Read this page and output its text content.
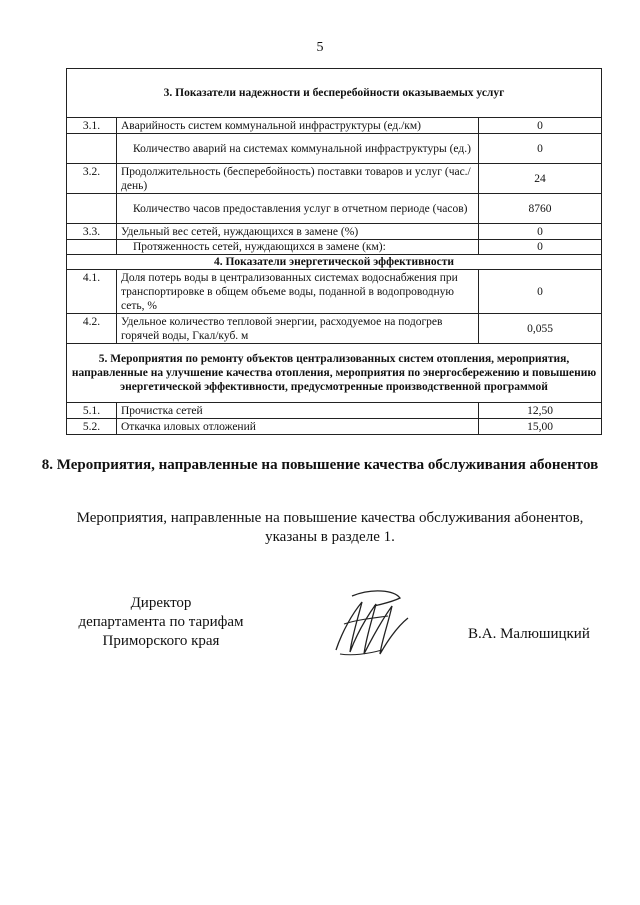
5
3. Показатели надежности и бесперебойности оказываемых услуг		
3.1.	Аварийность систем коммунальной инфраструктуры (ед./км)	0
	Количество аварий на системах коммунальной инфраструктуры (ед.)	0
3.2.	Продолжительность (бесперебойность) поставки товаров и услуг (час./день)	24
	Количество часов предоставления услуг в отчетном периоде (часов)	8760
3.3.	Удельный вес сетей, нуждающихся в замене (%)	0
	Протяженность сетей, нуждающихся в замене (км):	0
4. Показатели энергетической эффективности		
4.1.	Доля потерь воды в централизованных системах водоснабжения при транспортировке в общем объеме воды, поданной в водопроводную сеть, %	0
4.2.	Удельное количество тепловой энергии, расходуемое на подогрев горячей воды, Гкал/куб. м	0,055
5. Мероприятия по ремонту объектов централизованных систем отопления, мероприятия, направленные на улучшение качества отопления, мероприятия по энергосбережению и повышению энергетической эффективности, предусмотренные производственной программой		
5.1.	Прочистка сетей	12,50
5.2.	Откачка иловых отложений	15,00
8. Мероприятия, направленные на повышение качества обслуживания абонентов
Мероприятия, направленные на повышение качества обслуживания абонентов, указаны в разделе 1.
Директор
департамента по тарифам
Приморского края	В.А. Малюшицкий
